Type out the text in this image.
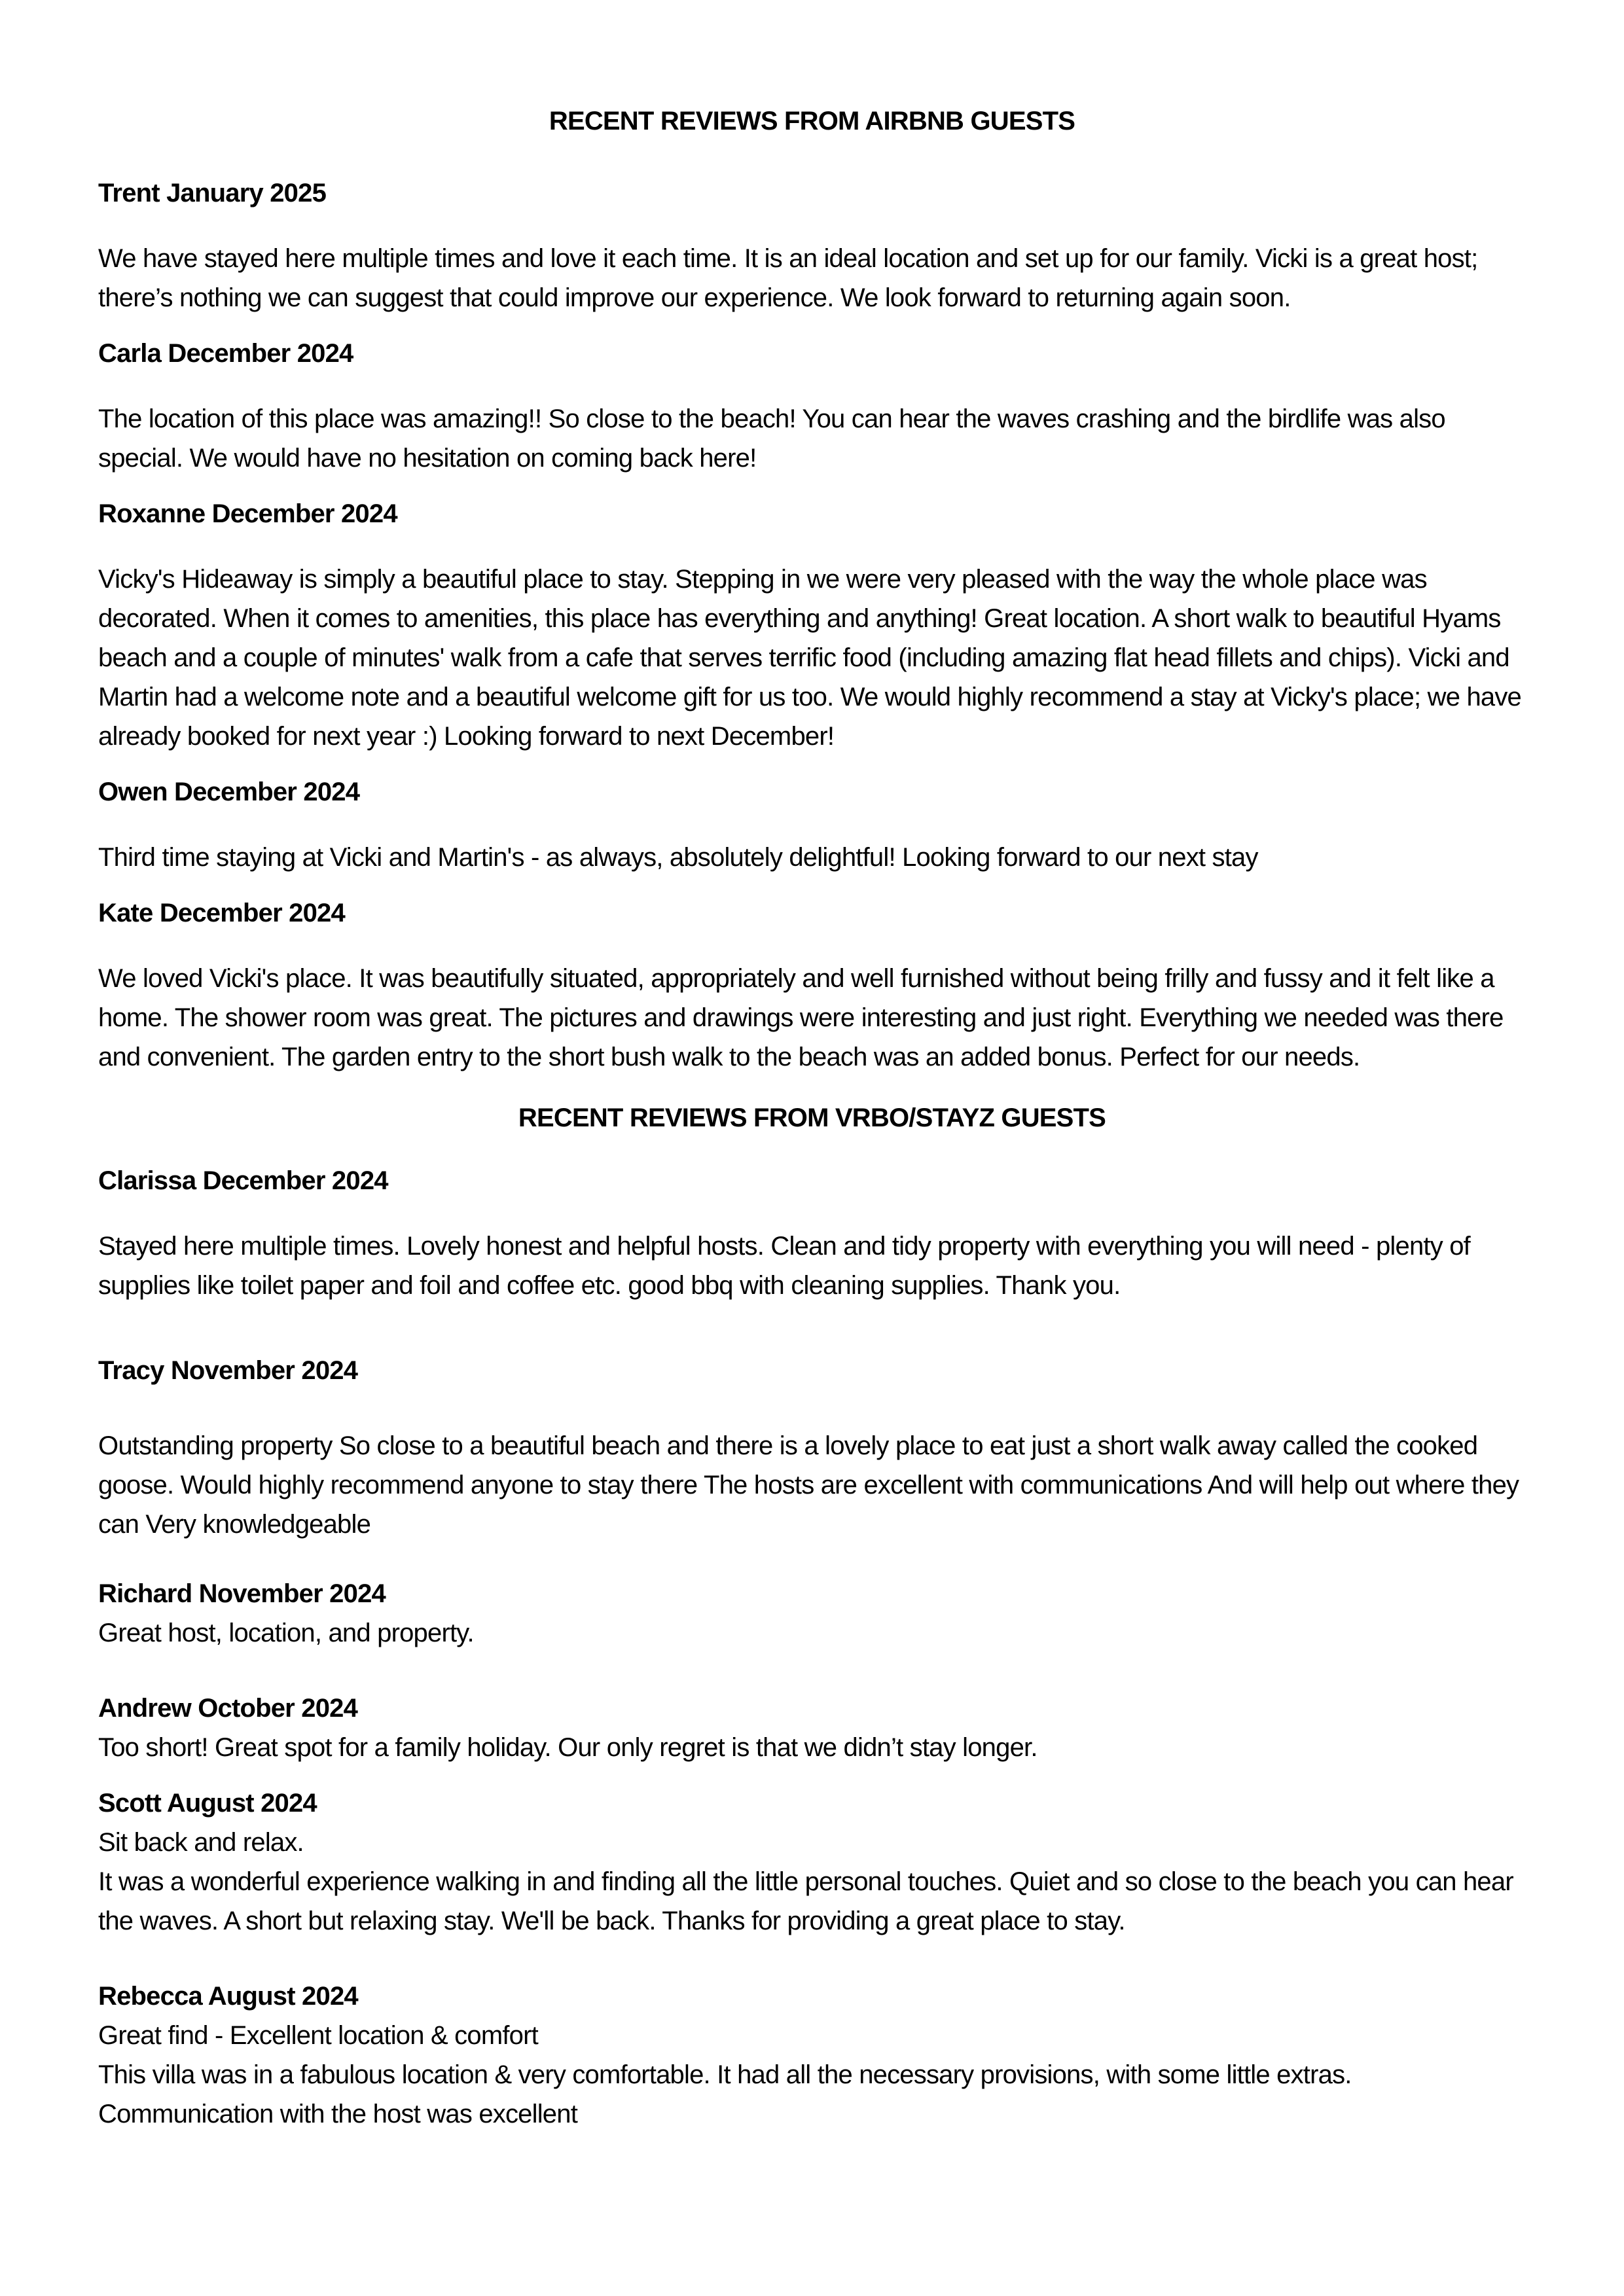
RECENT REVIEWS FROM AIRBNB GUESTS
Trent January 2025
We have stayed here multiple times and love it each time. It is an ideal location and set up for our family. Vicki is a great host; there’s nothing we can suggest that could improve our experience. We look forward to returning again soon.
Carla December 2024
The location of this place was amazing!! So close to the beach! You can hear the waves crashing and the birdlife was also special. We would have no hesitation on coming back here!
Roxanne December 2024
Vicky's Hideaway is simply a beautiful place to stay. Stepping in we were very pleased with the way the whole place was decorated. When it comes to amenities, this place has everything and anything! Great location. A short walk to beautiful Hyams beach and a couple of minutes' walk from a cafe that serves terrific food (including amazing flat head fillets and chips). Vicki and Martin had a welcome note and a beautiful welcome gift for us too. We would highly recommend a stay at Vicky's place; we have already booked for next year :) Looking forward to next December!
Owen December 2024
Third time staying at Vicki and Martin's - as always, absolutely delightful! Looking forward to our next stay
Kate December 2024
We loved Vicki's place. It was beautifully situated, appropriately and well furnished without being frilly and fussy and it felt like a home. The shower room was great. The pictures and drawings were interesting and just right. Everything we needed was there and convenient. The garden entry to the short bush walk to the beach was an added bonus. Perfect for our needs.
RECENT REVIEWS FROM VRBO/STAYZ GUESTS
Clarissa December 2024
Stayed here multiple times. Lovely honest and helpful hosts. Clean and tidy property with everything you will need - plenty of supplies like toilet paper and foil and coffee etc. good bbq with cleaning supplies. Thank you.
Tracy November 2024
Outstanding property So close to a beautiful beach and there is a lovely place to eat just a short walk away called the cooked goose. Would highly recommend anyone to stay there The hosts are excellent with communications And will help out where they can Very knowledgeable
Richard November 2024
Great host, location, and property.
Andrew October 2024
Too short! Great spot for a family holiday. Our only regret is that we didn’t stay longer.
Scott August 2024
Sit back and relax.
It was a wonderful experience walking in and finding all the little personal touches. Quiet and so close to the beach you can hear the waves. A short but relaxing stay. We'll be back. Thanks for providing a great place to stay.
Rebecca August 2024
Great find - Excellent location & comfort
This villa was in a fabulous location & very comfortable. It had all the necessary provisions, with some little extras.
Communication with the host was excellent
